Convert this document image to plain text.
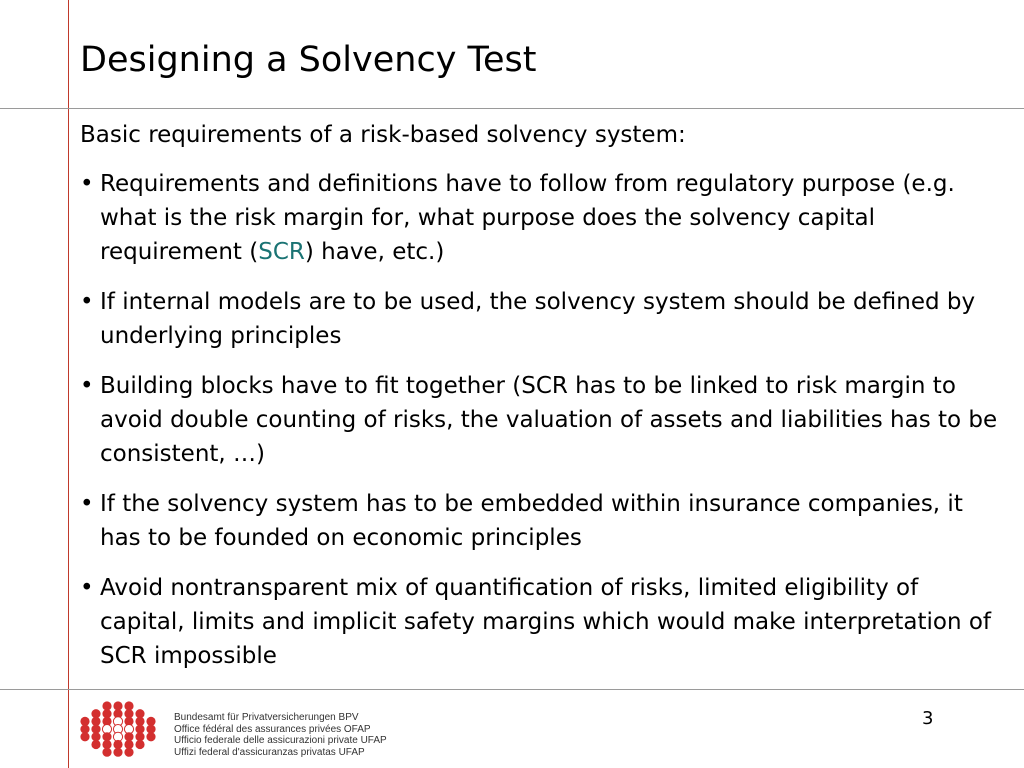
Designing a Solvency Test

Basic requirements of a risk-based solvency system:

• Requirements and definitions have to follow from regulatory purpose (e.g. what is the risk margin for, what purpose does the solvency capital requirement (SCR) have, etc.)
• If internal models are to be used, the solvency system should be defined by underlying principles
• Building blocks have to fit together (SCR has to be linked to risk margin to avoid double counting of risks, the valuation of assets and liabilities has to be consistent, …)
• If the solvency system has to be embedded within insurance companies, it has to be founded on economic principles
• Avoid nontransparent mix of quantification of risks, limited eligibility of capital, limits and implicit safety margins which would make interpretation of SCR impossible
Bundesamt für Privatversicherungen BPV
Office fédéral des assurances privées OFAP
Ufficio federale delle assicurazioni private UFAP
Uffizi federal d'assicuranzas privatas UFAP
3
